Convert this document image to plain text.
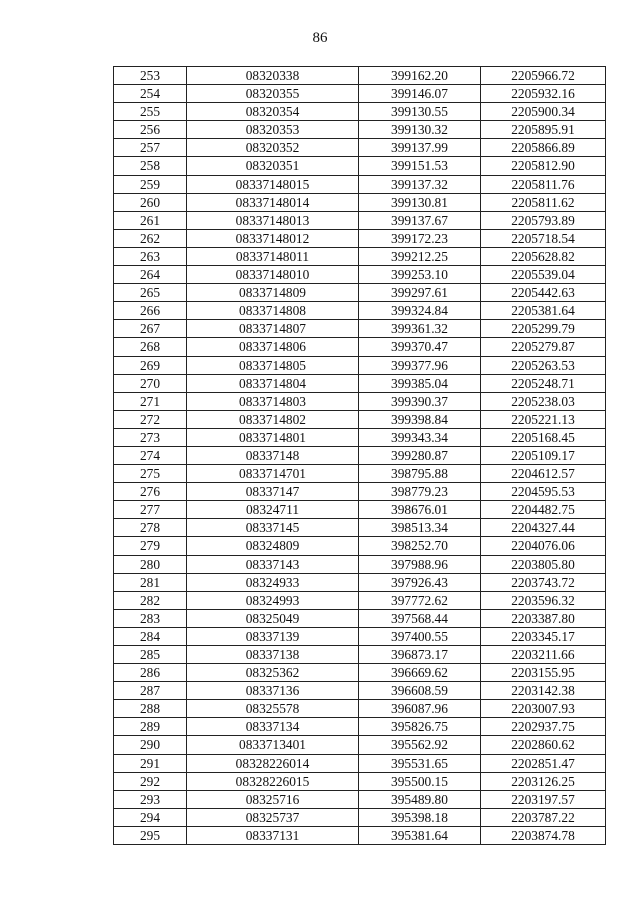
86
253	08320338	399162.20	2205966.72
254	08320355	399146.07	2205932.16
255	08320354	399130.55	2205900.34
256	08320353	399130.32	2205895.91
257	08320352	399137.99	2205866.89
258	08320351	399151.53	2205812.90
259	08337148015	399137.32	2205811.76
260	08337148014	399130.81	2205811.62
261	08337148013	399137.67	2205793.89
262	08337148012	399172.23	2205718.54
263	08337148011	399212.25	2205628.82
264	08337148010	399253.10	2205539.04
265	0833714809	399297.61	2205442.63
266	0833714808	399324.84	2205381.64
267	0833714807	399361.32	2205299.79
268	0833714806	399370.47	2205279.87
269	0833714805	399377.96	2205263.53
270	0833714804	399385.04	2205248.71
271	0833714803	399390.37	2205238.03
272	0833714802	399398.84	2205221.13
273	0833714801	399343.34	2205168.45
274	08337148	399280.87	2205109.17
275	0833714701	398795.88	2204612.57
276	08337147	398779.23	2204595.53
277	08324711	398676.01	2204482.75
278	08337145	398513.34	2204327.44
279	08324809	398252.70	2204076.06
280	08337143	397988.96	2203805.80
281	08324933	397926.43	2203743.72
282	08324993	397772.62	2203596.32
283	08325049	397568.44	2203387.80
284	08337139	397400.55	2203345.17
285	08337138	396873.17	2203211.66
286	08325362	396669.62	2203155.95
287	08337136	396608.59	2203142.38
288	08325578	396087.96	2203007.93
289	08337134	395826.75	2202937.75
290	0833713401	395562.92	2202860.62
291	08328226014	395531.65	2202851.47
292	08328226015	395500.15	2203126.25
293	08325716	395489.80	2203197.57
294	08325737	395398.18	2203787.22
295	08337131	395381.64	2203874.78
